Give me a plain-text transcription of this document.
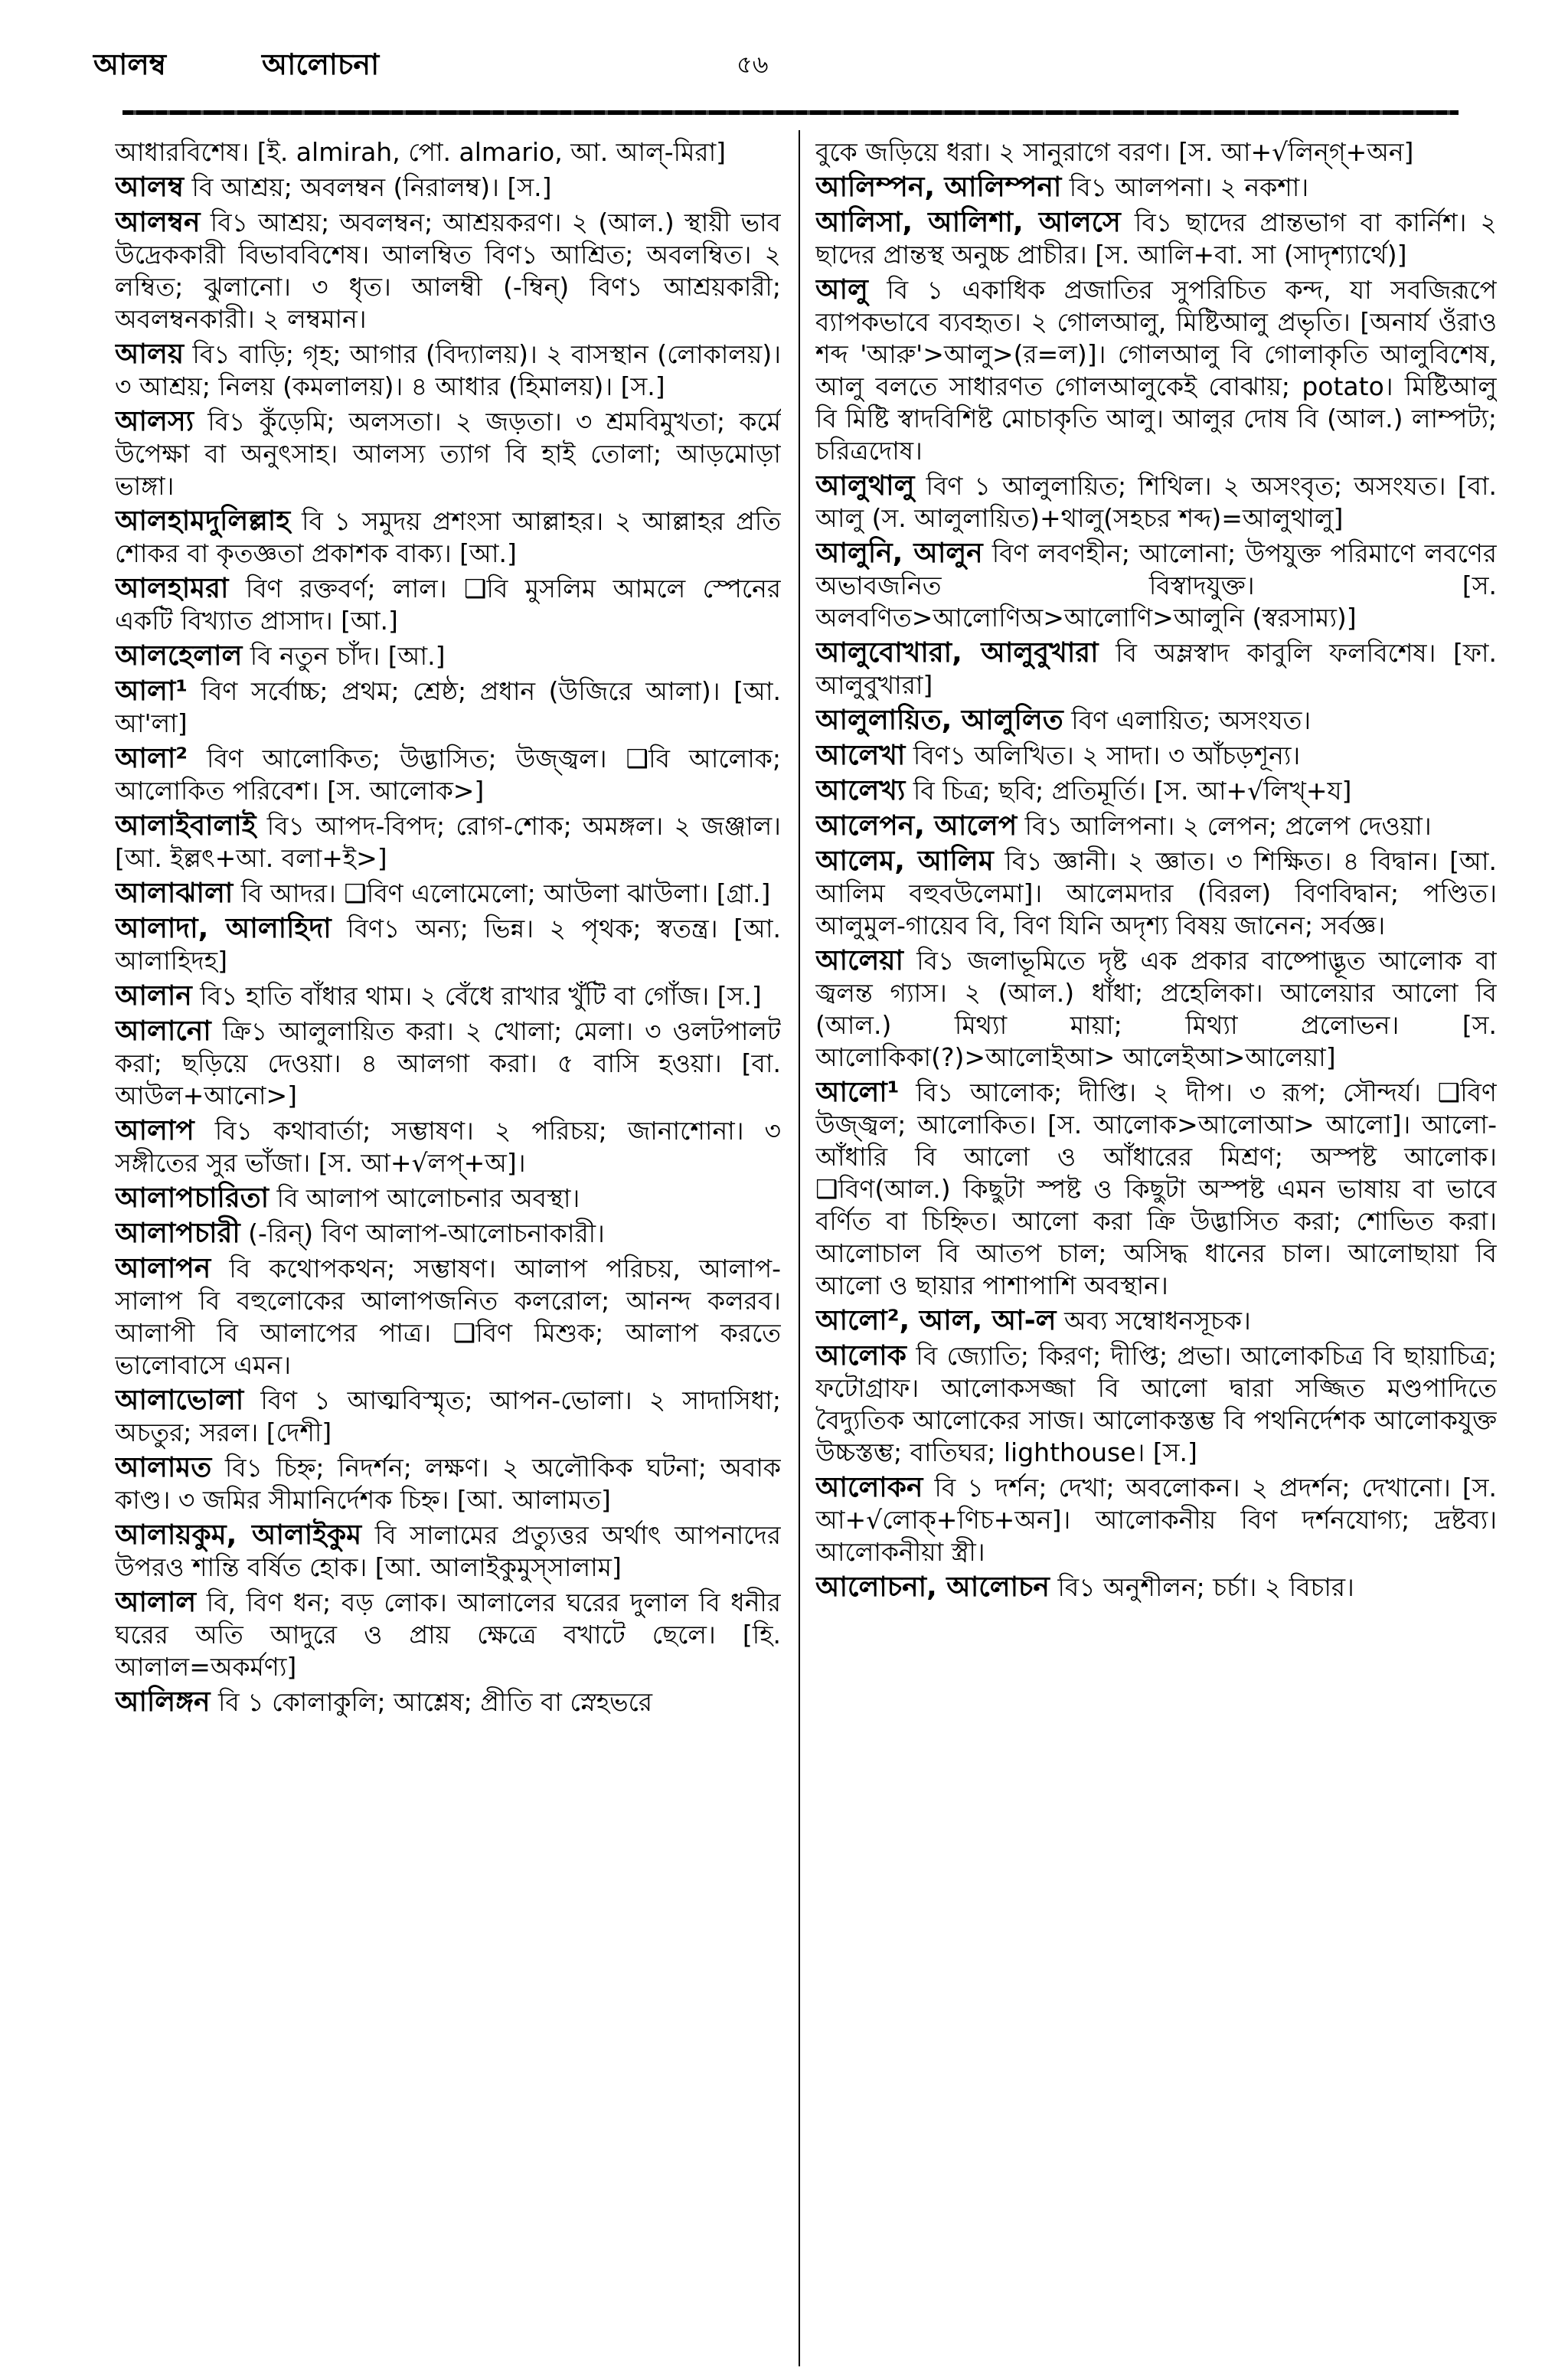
আলম্ব	আলোচনা	৫৬

আধারবিশেষ। [ই. almirah, পো. almario, আ. আল্-মিরা]

আলম্ব বি আশ্রয়; অবলম্বন (নিরালম্ব)। [স.]

আলম্বন বি১ আশ্রয়; অবলম্বন; আশ্রয়করণ। ২ (আল.) স্থায়ী ভাব উদ্রেককারী বিভাববিশেষ। আলম্বিত বিণ১ আশ্রিত; অবলম্বিত। ২ লম্বিত; ঝুলানো। ৩ ধৃত। আলম্বী (-ম্বিন্) বিণ১ আশ্রয়কারী; অবলম্বনকারী। ২ লম্বমান।

আলয় বি১ বাড়ি; গৃহ; আগার (বিদ্যালয়)। ২ বাসস্থান (লোকালয়)। ৩ আশ্রয়; নিলয় (কমলালয়)। ৪ আধার (হিমালয়)। [স.]

আলস্য বি১ কুঁড়েমি; অলসতা। ২ জড়তা। ৩ শ্রমবিমুখতা; কর্মে উপেক্ষা বা অনুৎসাহ। আলস্য ত্যাগ বি হাই তোলা; আড়মোড়া ভাঙ্গা।

আলহামদুলিল্লাহ বি ১ সমুদয় প্রশংসা আল্লাহর। ২ আল্লাহর প্রতি শোকর বা কৃতজ্ঞতা প্রকাশক বাক্য। [আ.]

আলহামরা বিণ রক্তবর্ণ; লাল। ❑বি মুসলিম আমলে স্পেনের একটি বিখ্যাত প্রাসাদ। [আ.]

আলহেলাল বি নতুন চাঁদ। [আ.]

আলা¹ বিণ সর্বোচ্চ; প্রথম; শ্রেষ্ঠ; প্রধান (উজিরে আলা)। [আ. আ'লা]

আলা² বিণ আলোকিত; উদ্ভাসিত; উজ্জ্বল। ❑বি আলোক; আলোকিত পরিবেশ। [স. আলোক>]

আলাইবালাই বি১ আপদ-বিপদ; রোগ-শোক; অমঙ্গল। ২ জঞ্জাল। [আ. ইল্লৎ+আ. বলা+ই>]

আলাঝালা বি আদর। ❑বিণ এলোমেলো; আউলা ঝাউলা। [গ্রা.]

আলাদা, আলাহিদা বিণ১ অন্য; ভিন্ন। ২ পৃথক; স্বতন্ত্র। [আ. আলাহিদহ]

আলান বি১ হাতি বাঁধার থাম। ২ বেঁধে রাখার খুঁটি বা গোঁজ। [স.]

আলানো ক্রি১ আলুলায়িত করা। ২ খোলা; মেলা। ৩ ওলটপালট করা; ছড়িয়ে দেওয়া। ৪ আলগা করা। ৫ বাসি হওয়া। [বা. আউল+আনো>]

আলাপ বি১ কথাবার্তা; সম্ভাষণ। ২ পরিচয়; জানাশোনা। ৩ সঙ্গীতের সুর ভাঁজা। [স. আ+√লপ্+অ]।

আলাপচারিতা বি আলাপ আলোচনার অবস্থা।

আলাপচারী (-রিন্) বিণ আলাপ-আলোচনাকারী।

আলাপন বি কথোপকথন; সম্ভাষণ। আলাপ পরিচয়, আলাপ-সালাপ বি বহুলোকের আলাপজনিত কলরোল; আনন্দ কলরব। আলাপী বি আলাপের পাত্র। ❑বিণ মিশুক; আলাপ করতে ভালোবাসে এমন।

আলাভোলা বিণ ১ আত্মবিস্মৃত; আপন-ভোলা। ২ সাদাসিধা; অচতুর; সরল। [দেশী]

আলামত বি১ চিহ্ন; নিদর্শন; লক্ষণ। ২ অলৌকিক ঘটনা; অবাক কাণ্ড। ৩ জমির সীমানির্দেশক চিহ্ন। [আ. আলামত]

আলায়কুম, আলাইকুম বি সালামের প্রত্যুত্তর অর্থাৎ আপনাদের উপরও শান্তি বর্ষিত হোক। [আ. আলাইকুমুস্সালাম]

আলাল বি, বিণ ধন; বড় লোক। আলালের ঘরের দুলাল বি ধনীর ঘরের অতি আদুরে ও প্রায় ক্ষেত্রে বখাটে ছেলে। [হি. আলাল=অকর্মণ্য]

আলিঙ্গন বি ১ কোলাকুলি; আশ্লেষ; প্রীতি বা স্নেহভরে

বুকে জড়িয়ে ধরা। ২ সানুরাগে বরণ। [স. আ+√লিন্গ্+অন]

আলিম্পন, আলিম্পনা বি১ আলপনা। ২ নকশা।

আলিসা, আলিশা, আলসে বি১ ছাদের প্রান্তভাগ বা কার্নিশ। ২ ছাদের প্রান্তস্থ অনুচ্চ প্রাচীর। [স. আলি+বা. সা (সাদৃশ্যার্থে)]

আলু বি ১ একাধিক প্রজাতির সুপরিচিত কন্দ, যা সবজিরূপে ব্যাপকভাবে ব্যবহৃত। ২ গোলআলু, মিষ্টিআলু প্রভৃতি। [অনার্য ওঁরাও শব্দ 'আরু'>আলু>(র=ল)]। গোলআলু বি গোলাকৃতি আলুবিশেষ, আলু বলতে সাধারণত গোলআলুকেই বোঝায়; potato। মিষ্টিআলু বি মিষ্টি স্বাদবিশিষ্ট মোচাকৃতি আলু। আলুর দোষ বি (আল.) লাম্পট্য; চরিত্রদোষ।

আলুথালু বিণ ১ আলুলায়িত; শিথিল। ২ অসংবৃত; অসংযত। [বা. আলু (স. আলুলায়িত)+থালু(সহচর শব্দ)=আলুথালু]

আলুনি, আলুন বিণ লবণহীন; আলোনা; উপযুক্ত পরিমাণে লবণের অভাবজনিত বিস্বাদযুক্ত। [স. অলবণিত>আলোণিঅ>আলোণি>আলুনি (স্বরসাম্য)]

আলুবোখারা, আলুবুখারা বি অম্লস্বাদ কাবুলি ফলবিশেষ। [ফা. আলুবুখারা]

আলুলায়িত, আলুলিত বিণ এলায়িত; অসংযত।

আলেখা বিণ১ অলিখিত। ২ সাদা। ৩ আঁচড়শূন্য।

আলেখ্য বি চিত্র; ছবি; প্রতিমূর্তি। [স. আ+√লিখ্+য]

আলেপন, আলেপ বি১ আলিপনা। ২ লেপন; প্রলেপ দেওয়া।

আলেম, আলিম বি১ জ্ঞানী। ২ জ্ঞাত। ৩ শিক্ষিত। ৪ বিদ্বান। [আ. আলিম বহুবউলেমা]। আলেমদার (বিরল) বিণবিদ্বান; পণ্ডিত। আলুমুল-গায়েব বি, বিণ যিনি অদৃশ্য বিষয় জানেন; সর্বজ্ঞ।

আলেয়া বি১ জলাভূমিতে দৃষ্ট এক প্রকার বাষ্পোদ্ভূত আলোক বা জ্বলন্ত গ্যাস। ২ (আল.) ধাঁধা; প্রহেলিকা। আলেয়ার আলো বি (আল.) মিথ্যা মায়া; মিথ্যা প্রলোভন। [স. আলোকিকা(?)>আলোইআ> আলেইআ>আলেয়া]

আলো¹ বি১ আলোক; দীপ্তি। ২ দীপ। ৩ রূপ; সৌন্দর্য। ❑বিণ উজ্জ্বল; আলোকিত। [স. আলোক>আলোআ> আলো]। আলো-আঁধারি বি আলো ও আঁধারের মিশ্রণ; অস্পষ্ট আলোক। ❑বিণ(আল.) কিছুটা স্পষ্ট ও কিছুটা অস্পষ্ট এমন ভাষায় বা ভাবে বর্ণিত বা চিহ্নিত। আলো করা ক্রি উদ্ভাসিত করা; শোভিত করা। আলোচাল বি আতপ চাল; অসিদ্ধ ধানের চাল। আলোছায়া বি আলো ও ছায়ার পাশাপাশি অবস্থান।

আলো², আল, আ-ল অব্য সম্বোধনসূচক।

আলোক বি জ্যোতি; কিরণ; দীপ্তি; প্রভা। আলোকচিত্র বি ছায়াচিত্র; ফটোগ্রাফ। আলোকসজ্জা বি আলো দ্বারা সজ্জিত মণ্ডপাদিতে বৈদ্যুতিক আলোকের সাজ। আলোকস্তম্ভ বি পথনির্দেশক আলোকযুক্ত উচ্চস্তম্ভ; বাতিঘর; lighthouse। [স.]

আলোকন বি ১ দর্শন; দেখা; অবলোকন। ২ প্রদর্শন; দেখানো। [স. আ+√লোক্+ণিচ+অন]। আলোকনীয় বিণ দর্শনযোগ্য; দ্রষ্টব্য। আলোকনীয়া স্ত্রী।

আলোচনা, আলোচন বি১ অনুশীলন; চর্চা। ২ বিচার।
